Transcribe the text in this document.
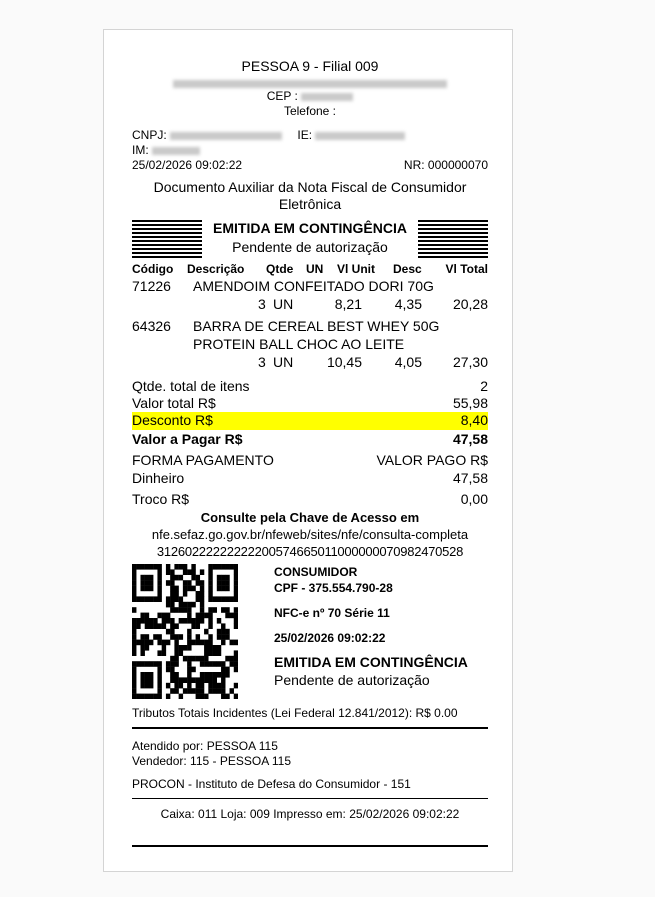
PESSOA 9 - Filial 009
CEP :
Telefone :
CNPJ:	IE:
IM:
25/02/2026 09:02:22	NR: 000000070
Documento Auxiliar da Nota Fiscal de Consumidor Eletrônica
EMITIDA EM CONTINGÊNCIA
Pendente de autorização
Código Descrição Qtde UN Vl Unit Desc Vl Total
71226 AMENDOIM CONFEITADO DORI 70G
3 UN	8,21	4,35	20,28
64326 BARRA DE CEREAL BEST WHEY 50G
PROTEIN BALL CHOC AO LEITE
3 UN	10,45	4,05	27,30
Qtde. total de itens	2
Valor total R$	55,98
Desconto R$	8,40
Valor a Pagar R$	47,58
FORMA PAGAMENTO	VALOR PAGO R$
Dinheiro	47,58
Troco R$	0,00
Consulte pela Chave de Acesso em
nfe.sefaz.go.gov.br/nfeweb/sites/nfe/consulta-completa
31260222222222200574665011000000070982470528
CONSUMIDOR
CPF - 375.554.790-28
NFC-e nº 70 Série 11
25/02/2026 09:02:22
EMITIDA EM CONTINGÊNCIA
Pendente de autorização
Tributos Totais Incidentes (Lei Federal 12.841/2012): R$ 0.00
Atendido por: PESSOA 115
Vendedor: 115 - PESSOA 115
PROCON - Instituto de Defesa do Consumidor - 151
Caixa: 011 Loja: 009 Impresso em: 25/02/2026 09:02:22
